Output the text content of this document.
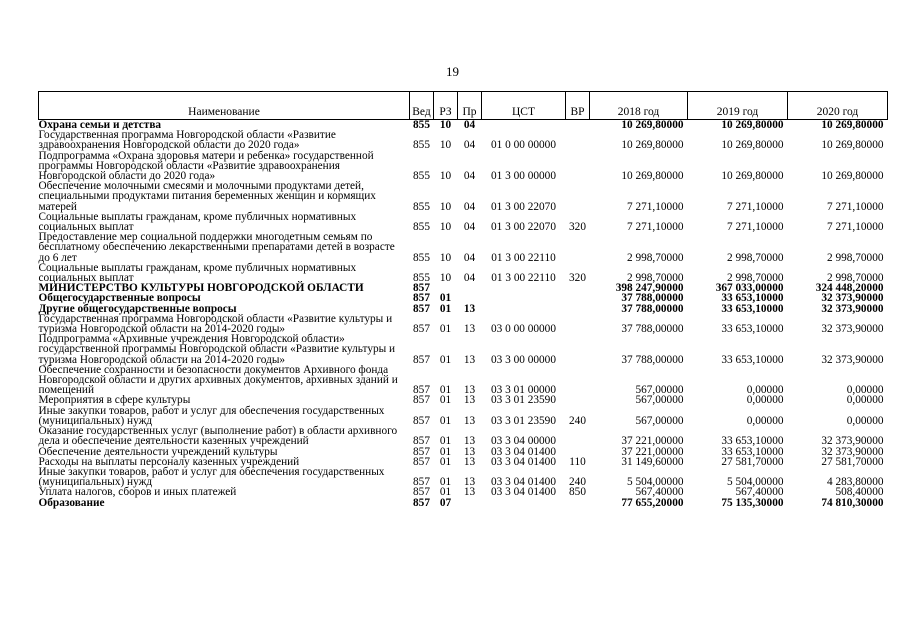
19
Наименование	Вед	РЗ	Пр	ЦСТ	ВР	2018 год	2019 год	2020 год
Охрана семьи и детства	855	10	04			10 269,80000	10 269,80000	10 269,80000
Государственная программа Новгородской области «Развитие здравоохранения Новгородской области до 2020 года»	855	10	04	01 0 00 00000		10 269,80000	10 269,80000	10 269,80000
Подпрограмма «Охрана здоровья матери и ребенка» государственной программы Новгородской области «Развитие здравоохранения Новгородской области до 2020 года»	855	10	04	01 3 00 00000		10 269,80000	10 269,80000	10 269,80000
Обеспечение молочными смесями и молочными продуктами детей, специальными продуктами питания беременных женщин и кормящих матерей	855	10	04	01 3 00 22070		7 271,10000	7 271,10000	7 271,10000
Социальные выплаты гражданам, кроме публичных нормативных социальных выплат	855	10	04	01 3 00 22070	320	7 271,10000	7 271,10000	7 271,10000
Предоставление мер социальной поддержки многодетным семьям по бесплатному обеспечению лекарственными препаратами детей в возрасте до 6 лет	855	10	04	01 3 00 22110		2 998,70000	2 998,70000	2 998,70000
Социальные выплаты гражданам, кроме публичных нормативных социальных выплат	855	10	04	01 3 00 22110	320	2 998,70000	2 998,70000	2 998,70000
МИНИСТЕРСТВО КУЛЬТУРЫ НОВГОРОДСКОЙ ОБЛАСТИ	857					398 247,90000	367 033,00000	324 448,20000
Общегосударственные вопросы	857	01				37 788,00000	33 653,10000	32 373,90000
Другие общегосударственные вопросы	857	01	13			37 788,00000	33 653,10000	32 373,90000
Государственная программа Новгородской области «Развитие культуры и туризма Новгородской области на 2014-2020 годы»	857	01	13	03 0 00 00000		37 788,00000	33 653,10000	32 373,90000
Подпрограмма «Архивные учреждения Новгородской области» государственной программы Новгородской области «Развитие культуры и туризма Новгородской области на 2014-2020 годы»	857	01	13	03 3 00 00000		37 788,00000	33 653,10000	32 373,90000
Обеспечение сохранности и безопасности документов Архивного фонда Новгородской области и других архивных документов, архивных зданий и помещений	857	01	13	03 3 01 00000		567,00000	0,00000	0,00000
Мероприятия в сфере культуры	857	01	13	03 3 01 23590		567,00000	0,00000	0,00000
Иные закупки товаров, работ и услуг для обеспечения государственных (муниципальных) нужд	857	01	13	03 3 01 23590	240	567,00000	0,00000	0,00000
Оказание государственных услуг (выполнение работ) в области архивного дела и обеспечение деятельности казенных учреждений	857	01	13	03 3 04 00000		37 221,00000	33 653,10000	32 373,90000
Обеспечение деятельности учреждений культуры	857	01	13	03 3 04 01400		37 221,00000	33 653,10000	32 373,90000
Расходы на выплаты персоналу казенных учреждений	857	01	13	03 3 04 01400	110	31 149,60000	27 581,70000	27 581,70000
Иные закупки товаров, работ и услуг для обеспечения государственных (муниципальных) нужд	857	01	13	03 3 04 01400	240	5 504,00000	5 504,00000	4 283,80000
Уплата налогов, сборов и иных платежей	857	01	13	03 3 04 01400	850	567,40000	567,40000	508,40000
Образование	857	07				77 655,20000	75 135,30000	74 810,30000
